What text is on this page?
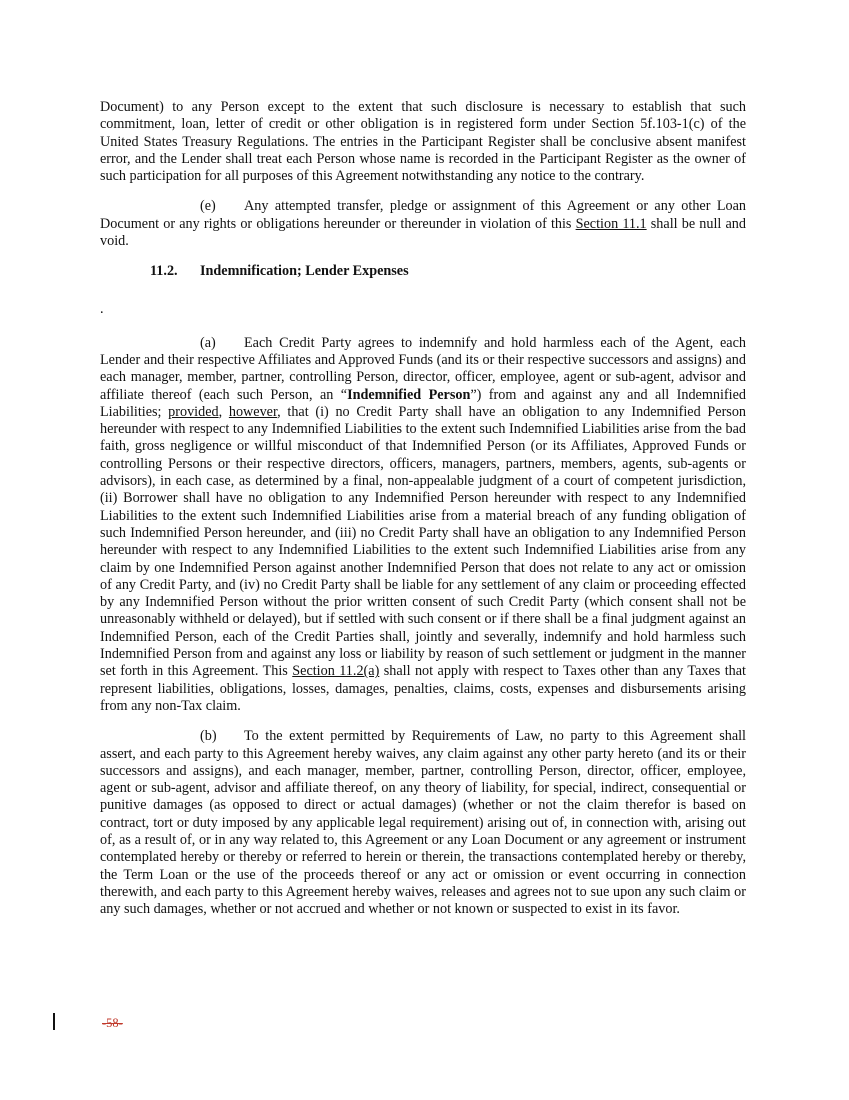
Document) to any Person except to the extent that such disclosure is necessary to establish that such commitment, loan, letter of credit or other obligation is in registered form under Section 5f.103-1(c) of the United States Treasury Regulations. The entries in the Participant Register shall be conclusive absent manifest error, and the Lender shall treat each Person whose name is recorded in the Participant Register as the owner of such participation for all purposes of this Agreement notwithstanding any notice to the contrary.

(e) Any attempted transfer, pledge or assignment of this Agreement or any other Loan Document or any rights or obligations hereunder or thereunder in violation of this Section 11.1 shall be null and void.

11.2. Indemnification; Lender Expenses
.

(a) Each Credit Party agrees to indemnify and hold harmless each of the Agent, each Lender and their respective Affiliates and Approved Funds (and its or their respective successors and assigns) and each manager, member, partner, controlling Person, director, officer, employee, agent or sub-agent, advisor and affiliate thereof (each such Person, an “Indemnified Person”) from and against any and all Indemnified Liabilities; provided, however, that (i) no Credit Party shall have an obligation to any Indemnified Person hereunder with respect to any Indemnified Liabilities to the extent such Indemnified Liabilities arise from the bad faith, gross negligence or willful misconduct of that Indemnified Person (or its Affiliates, Approved Funds or controlling Persons or their respective directors, officers, managers, partners, members, agents, sub-agents or advisors), in each case, as determined by a final, non-appealable judgment of a court of competent jurisdiction, (ii) Borrower shall have no obligation to any Indemnified Person hereunder with respect to any Indemnified Liabilities to the extent such Indemnified Liabilities arise from a material breach of any funding obligation of such Indemnified Person hereunder, and (iii) no Credit Party shall have an obligation to any Indemnified Person hereunder with respect to any Indemnified Liabilities to the extent such Indemnified Liabilities arise from any claim by one Indemnified Person against another Indemnified Person that does not relate to any act or omission of any Credit Party, and (iv) no Credit Party shall be liable for any settlement of any claim or proceeding effected by any Indemnified Person without the prior written consent of such Credit Party (which consent shall not be unreasonably withheld or delayed), but if settled with such consent or if there shall be a final judgment against an Indemnified Person, each of the Credit Parties shall, jointly and severally, indemnify and hold harmless such Indemnified Person from and against any loss or liability by reason of such settlement or judgment in the manner set forth in this Agreement. This Section 11.2(a) shall not apply with respect to Taxes other than any Taxes that represent liabilities, obligations, losses, damages, penalties, claims, costs, expenses and disbursements arising from any non-Tax claim.

(b) To the extent permitted by Requirements of Law, no party to this Agreement shall assert, and each party to this Agreement hereby waives, any claim against any other party hereto (and its or their successors and assigns), and each manager, member, partner, controlling Person, director, officer, employee, agent or sub-agent, advisor and affiliate thereof, on any theory of liability, for special, indirect, consequential or punitive damages (as opposed to direct or actual damages) (whether or not the claim therefor is based on contract, tort or duty imposed by any applicable legal requirement) arising out of, in connection with, arising out of, as a result of, or in any way related to, this Agreement or any Loan Document or any agreement or instrument contemplated hereby or thereby or referred to herein or therein, the transactions contemplated hereby or thereby, the Term Loan or the use of the proceeds thereof or any act or omission or event occurring in connection therewith, and each party to this Agreement hereby waives, releases and agrees not to sue upon any such claim or any such damages, whether or not accrued and whether or not known or suspected to exist in its favor.

-58-
